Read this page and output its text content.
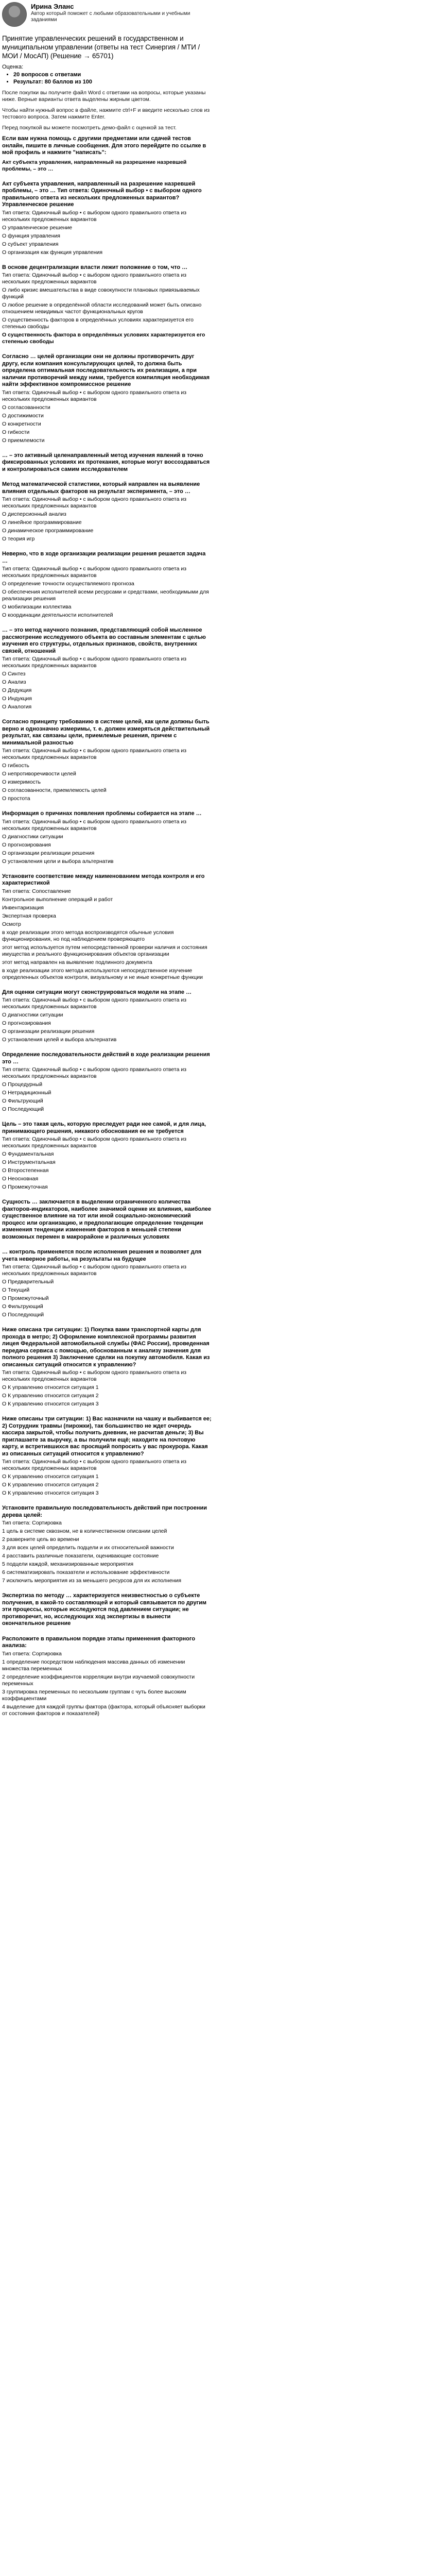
Ирина Эланс
Автор который поможет с любыми образовательными и учебными заданиями
Принятие управленческих решений в государственном и муниципальном управлении (ответы на тест Синергия / МТИ / МОИ / МосАП) (Решение → 65701)
Оценка:
• 20 вопросов с ответами
• Результат: 80 баллов из 100

После покупки вы получите файл Word с ответами на вопросы, которые указаны ниже. Верные варианты ответа выделены жирным цветом.

Чтобы найти нужный вопрос в файле, нажмите ctrl+F и введите несколько слов из тестового вопроса. Затем нажмите Enter.

Перед покупкой вы можете посмотреть демо-файл с оценкой за тест.

Если вам нужна помощь с другими предметами или сдачей тестов онлайн, пишите в личные сообщения. Для этого перейдите по ссылке в мой профиль и нажмите "написать":
Акт субъекта управления, направленный на разрешение назревшей проблемы, – это …
Акт субъекта управления, направленный на разрешение назревшей проблемы, – это … Тип ответа: Одиночный выбор • с выбором одного правильного ответа из нескольких предложенных вариантов? Управленческое решение
Тип ответа: Одиночный выбор • с выбором одного правильного ответа из нескольких предложенных вариантов
О управленческое решение
О функция управления
О субъект управления
О организация как функция управления
В основе децентрализации власти лежит положение о том, что …
Тип ответа: Одиночный выбор • с выбором одного правильного ответа из нескольких предложенных вариантов
О либо кризис вмешательства в виде совокупности плановых привязываемых функций
О любое решение в определённой области исследований может быть описано отношением невидимых частот функциональных кругов
О существенность факторов в определённых условиях характеризуется его степенью свободы
О существенность фактора в определённых условиях характеризуется его степенью свободы
Согласно … целей организации они не должны противоречить друг другу, если компания консультирующих целей, то должна быть определена оптимальная последовательность их реализации, а при наличии противоречий между ними, требуется компиляция необходимая найти эффективное компромиссное решение
Тип ответа: Одиночный выбор • с выбором одного правильного ответа из нескольких предложенных вариантов
О согласованности
О достижимости
О конкретности
О гибкости
О приемлемости
… – это активный целенаправленный метод изучения явлений в точно фиксированных условиях их протекания, которые могут воссоздаваться и контролироваться самим исследователем
Метод математической статистики, который направлен на выявление влияния отдельных факторов на результат эксперимента, – это …
Тип ответа: Одиночный выбор • с выбором одного правильного ответа из нескольких предложенных вариантов
О дисперсионный анализ
О линейное программирование
О динамическое программирование
О теория игр
Неверно, что в ходе организации реализации решения решается задача …
Тип ответа: Одиночный выбор • с выбором одного правильного ответа из нескольких предложенных вариантов
О определение точности осуществляемого прогноза
О обеспечения исполнителей всеми ресурсами и средствами, необходимыми для реализации решения
О мобилизации коллектива
О координации деятельности исполнителей
… – это метод научного познания, представляющий собой мысленное рассмотрение исследуемого объекта во составным элементам с целью изучения его структуры, отдельных признаков, свойств, внутренних связей, отношений
Тип ответа: Одиночный выбор • с выбором одного правильного ответа из нескольких предложенных вариантов
О Синтез
О Анализ
О Дедукция
О Индукция
О Аналогия
Согласно принципу требованию в системе целей, как цели должны быть верно и однозначно измеримы, т. е. должен измеряться действительный результат, как связаны цели, приемлемые решения, причем с минимальной разностью
Тип ответа: Одиночный выбор • с выбором одного правильного ответа из нескольких предложенных вариантов
О гибкость
О непротиворечивости целей
О измеримость
О согласованности, приемлемость целей
О простота
Информация о причинах появления проблемы собирается на этапе …
Тип ответа: Одиночный выбор • с выбором одного правильного ответа из нескольких предложенных вариантов
О диагностики ситуации
О прогнозирования
О организации реализации решения
О установления цели и выбора альтернатив
Установите соответствие между наименованием метода контроля и его характеристикой
Тип ответа: Сопоставление
Контрольное выполнение операций и работ
Инвентаризация
Экспертная проверка
Осмотр
в ходе реализации этого метода воспроизводятся обычные условия функционирования, но под наблюдением проверяющего
этот метод используется путем непосредственной проверки наличия и состояния имущества и реального функционирования объектов организации
этот метод направлен на выявление подлинного документа
в ходе реализации этого метода используются непосредственное изучение определенных объектов контроля, визуальному и не иные конкретные функции
Для оценки ситуации могут сконструироваться модели на этапе …
Тип ответа: Одиночный выбор • с выбором одного правильного ответа из нескольких предложенных вариантов
О диагностики ситуации
О прогнозирования
О организации реализации решения
О установления целей и выбора альтернатив
Определение последовательности действий в ходе реализации решения это …
Тип ответа: Одиночный выбор • с выбором одного правильного ответа из нескольких предложенных вариантов
О Процедурный
О Нетрадиционный
О Фильтрующий
О Последующий
Цель – это такая цель, которую преследует ради нее самой, и для лица, принимающего решения, никакого обоснования ее не требуется
Тип ответа: Одиночный выбор • с выбором одного правильного ответа из нескольких предложенных вариантов
О Фундаментальная
О Инструментальная
О Второстепенная
О Неосновная
О Промежуточная
Сущность … заключается в выделении ограниченного количества факторов-индикаторов, наиболее значимой оценке их влияния, наиболее существенное влияние на тот или иной социально-экономический процесс или организацию, и предполагающие определение тенденции изменения тенденции изменения факторов в меньшей степени возможных перемен в макрорайоне и различных условиях
… контроль применяется после исполнения решения и позволяет для учета неверное работы, на результаты на будущее
Тип ответа: Одиночный выбор • с выбором одного правильного ответа из нескольких предложенных вариантов
О Предварительный
О Текущий
О Промежуточный
О Фильтрующий
О Последующий
Ниже описана три ситуации: 1) Покупка вами транспортной карты для прохода в метро; 2) Оформление комплексной программы развития лицея Федеральной автомобильной службы (ФАС России), проведенная передача сервиса с помощью, обоснованным к анализу значения для полного решения 3) Заключение сделки на покупку автомобиля. Какая из описанных ситуаций относится к управлению?
Тип ответа: Одиночный выбор • с выбором одного правильного ответа из нескольких предложенных вариантов
О К управлению относится ситуация 1
О К управлению относится ситуация 2
О К управлению относится ситуация 3
Ниже описаны три ситуации: 1) Вас назначили на чашку и выбивается ее; 2) Сотрудник травмы (пирожки), так большинство не ждет очередь кассира закрытой, чтобы получить дневник, не расчитав деньги; 3) Вы приглашаете за выручку, а вы получили ещё; находите на почтовую карту, и встретившихся вас просящий попросить у вас прокурора. Какая из описанных ситуаций относится к управлению?
Тип ответа: Одиночный выбор • с выбором одного правильного ответа из нескольких предложенных вариантов
О К управлению относится ситуация 1
О К управлению относится ситуация 2
О К управлению относится ситуация 3
Установите правильную последовательность действий при построении дерева целей:
Тип ответа: Сортировка
1 цель в системе сквозном, не в количественном описании целей
2 разверните цель во времени
3 для всех целей определить подцели и их относительной важности
4 расставить различные показатели, оценивающие состояние
5 подцели каждой, механизированные мероприятия
6 систематизировать показатели и использование эффективности
7 исключить мероприятия из за меньшего ресурсов для их исполнения
Экспертиза по методу … характеризуется неизвестностью о субъекте получения, в какой-то составляющей и который связывается по другим эти процессы, которые исследуются под давлением ситуации; не противоречит, но, исследующих ход экспертизы в вынести окончательное решение
Расположите в правильном порядке этапы применения факторного анализа:
Тип ответа: Сортировка
1 определение посредством наблюдения массива данных об изменении множества переменных
2 определение коэффициентов корреляции внутри изучаемой совокупности переменных
3 группировка переменных по нескольким группам с чуть более высоким коэффициентами
4 выделение для каждой группы фактора (фактора, который объясняет выборки от состояния факторов и показателей)
